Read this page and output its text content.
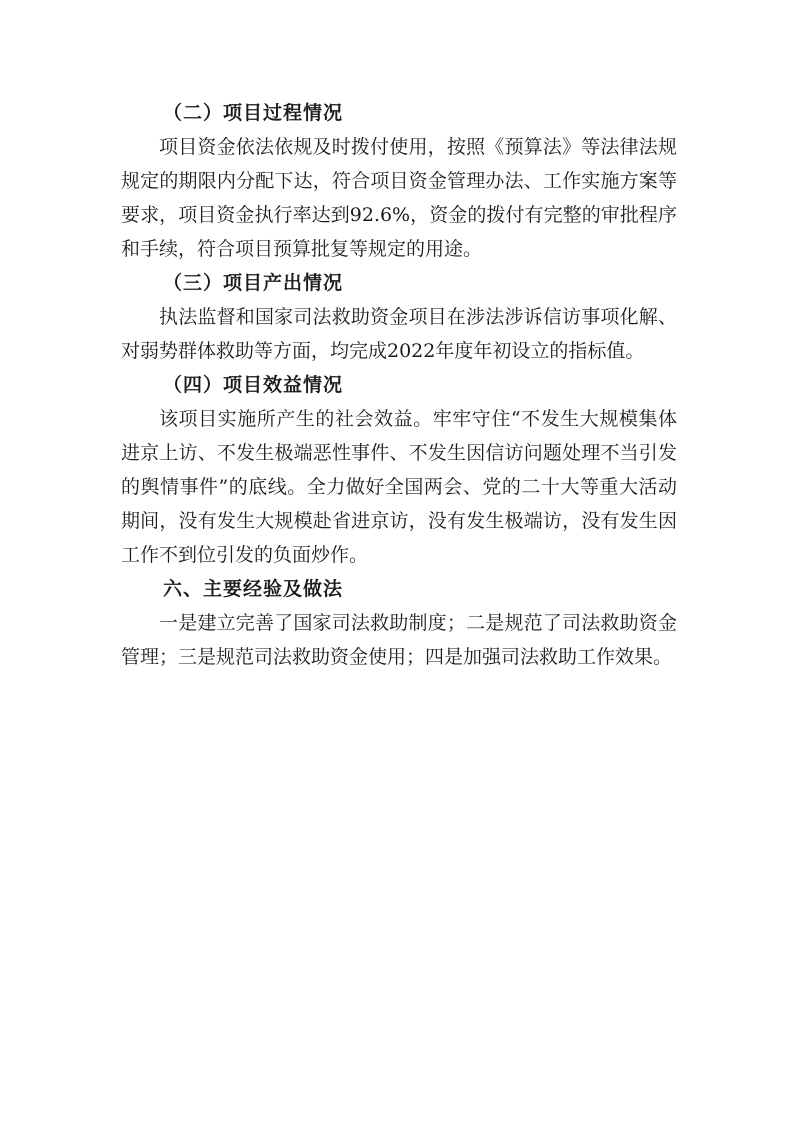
（二）项目过程情况

项目资金依法依规及时拨付使用，按照《预算法》等法律法规规定的期限内分配下达，符合项目资金管理办法、工作实施方案等要求，项目资金执行率达到92.6%，资金的拨付有完整的审批程序和手续，符合项目预算批复等规定的用途。

（三）项目产出情况

执法监督和国家司法救助资金项目在涉法涉诉信访事项化解、对弱势群体救助等方面，均完成2022年度年初设立的指标值。

（四）项目效益情况

该项目实施所产生的社会效益。牢牢守住“不发生大规模集体进京上访、不发生极端恶性事件、不发生因信访问题处理不当引发的舆情事件”的底线。全力做好全国两会、党的二十大等重大活动期间，没有发生大规模赴省进京访，没有发生极端访，没有发生因工作不到位引发的负面炒作。

六、主要经验及做法

一是建立完善了国家司法救助制度；二是规范了司法救助资金管理；三是规范司法救助资金使用；四是加强司法救助工作效果。
